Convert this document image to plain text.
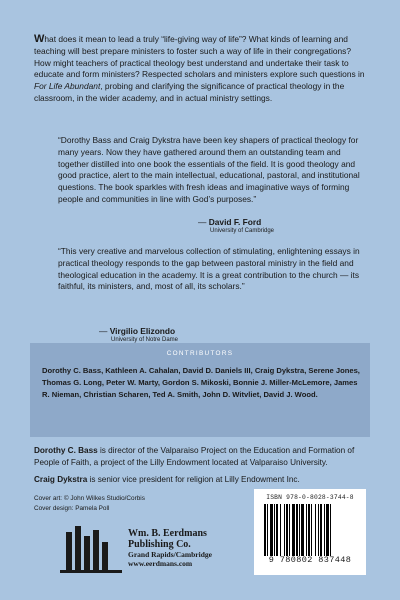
What does it mean to lead a truly “life-giving way of life”? What kinds of learning and teaching will best prepare ministers to foster such a way of life in their congregations? How might teachers of practical theology best understand and undertake their task to educate and form ministers? Respected scholars and ministers explore such questions in For Life Abundant, probing and clarifying the significance of practical theology in the classroom, in the wider academy, and in actual ministry settings.

“Dorothy Bass and Craig Dykstra have been key shapers of practical theology for many years. Now they have gathered around them an outstanding team and together distilled into one book the essentials of the field. It is good theology and good practice, alert to the main intellectual, educational, pastoral, and institutional questions. The book sparkles with fresh ideas and imaginative ways of forming people and communities in line with God’s purposes.”

— David F. Ford
University of Cambridge

“This very creative and marvelous collection of stimulating, enlightening essays in practical theology responds to the gap between pastoral ministry in the field and theological education in the academy. It is a great contribution to the church — its faithful, its ministers, and, most of all, its scholars.”

— Virgilio Elizondo
University of Notre Dame
CONTRIBUTORS

Dorothy C. Bass, Kathleen A. Cahalan, David D. Daniels III, Craig Dykstra, Serene Jones, Thomas G. Long, Peter W. Marty, Gordon S. Mikoski, Bonnie J. Miller-McLemore, James R. Nieman, Christian Scharen, Ted A. Smith, John D. Witvliet, David J. Wood.

Dorothy C. Bass is director of the Valparaiso Project on the Education and Formation of People of Faith, a project of the Lilly Endowment located at Valparaiso University.

Craig Dykstra is senior vice president for religion at Lilly Endowment Inc.

Cover art: © John Wilkes Studio/Corbis
Cover design: Pamela Poll
Wm. B. Eerdmans
Publishing Co.
Grand Rapids/Cambridge
www.eerdmans.com
ISBN 978-0-8028-3744-8
9 780802 837448
